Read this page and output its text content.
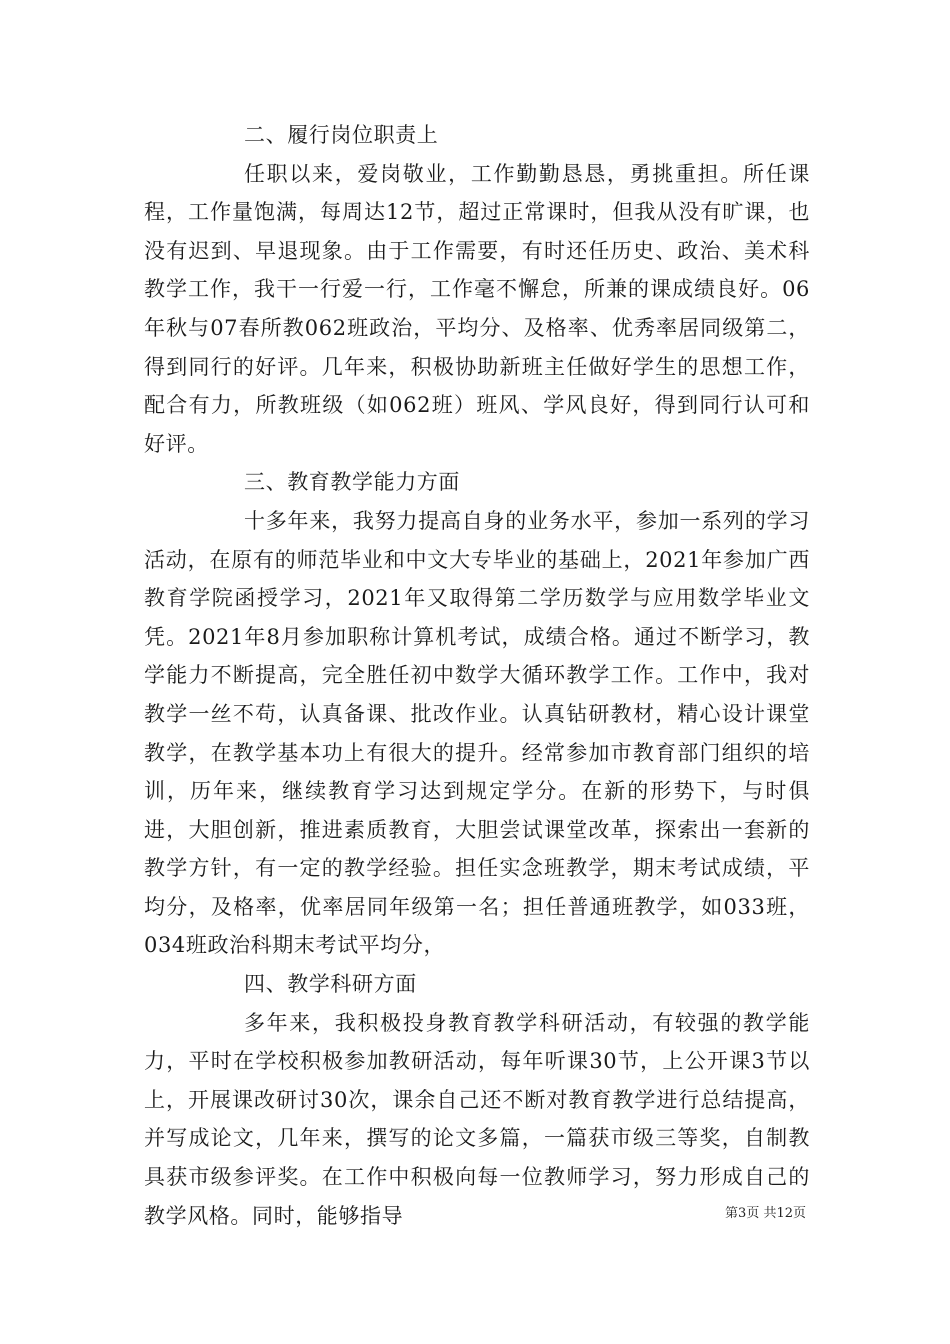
二、履行岗位职责上

任职以来，爱岗敬业，工作勤勤恳恳，勇挑重担。所任课程，工作量饱满，每周达12节，超过正常课时，但我从没有旷课，也没有迟到、早退现象。由于工作需要，有时还任历史、政治、美术科教学工作，我干一行爱一行，工作毫不懈怠，所兼的课成绩良好。06年秋与07春所教062班政治，平均分、及格率、优秀率居同级第二，得到同行的好评。几年来，积极协助新班主任做好学生的思想工作，配合有力，所教班级（如062班）班风、学风良好，得到同行认可和好评。

三、教育教学能力方面

十多年来，我努力提高自身的业务水平，参加一系列的学习活动，在原有的师范毕业和中文大专毕业的基础上，2021年参加广西教育学院函授学习，2021年又取得第二学历数学与应用数学毕业文凭。2021年8月参加职称计算机考试，成绩合格。通过不断学习，教学能力不断提高，完全胜任初中数学大循环教学工作。工作中，我对教学一丝不苟，认真备课、批改作业。认真钻研教材，精心设计课堂教学，在教学基本功上有很大的提升。经常参加市教育部门组织的培训，历年来，继续教育学习达到规定学分。在新的形势下，与时俱进，大胆创新，推进素质教育，大胆尝试课堂改革，探索出一套新的教学方针，有一定的教学经验。担任实念班教学，期末考试成绩，平均分，及格率，优率居同年级第一名；担任普通班教学，如033班，034班政治科期末考试平均分，

四、教学科研方面

多年来，我积极投身教育教学科研活动，有较强的教学能力，平时在学校积极参加教研活动，每年听课30节，上公开课3节以上，开展课改研讨30次，课余自己还不断对教育教学进行总结提高，并写成论文，几年来，撰写的论文多篇，一篇获市级三等奖，自制教具获市级参评奖。在工作中积极向每一位教师学习，努力形成自己的教学风格。同时，能够指导	第3页 共12页
